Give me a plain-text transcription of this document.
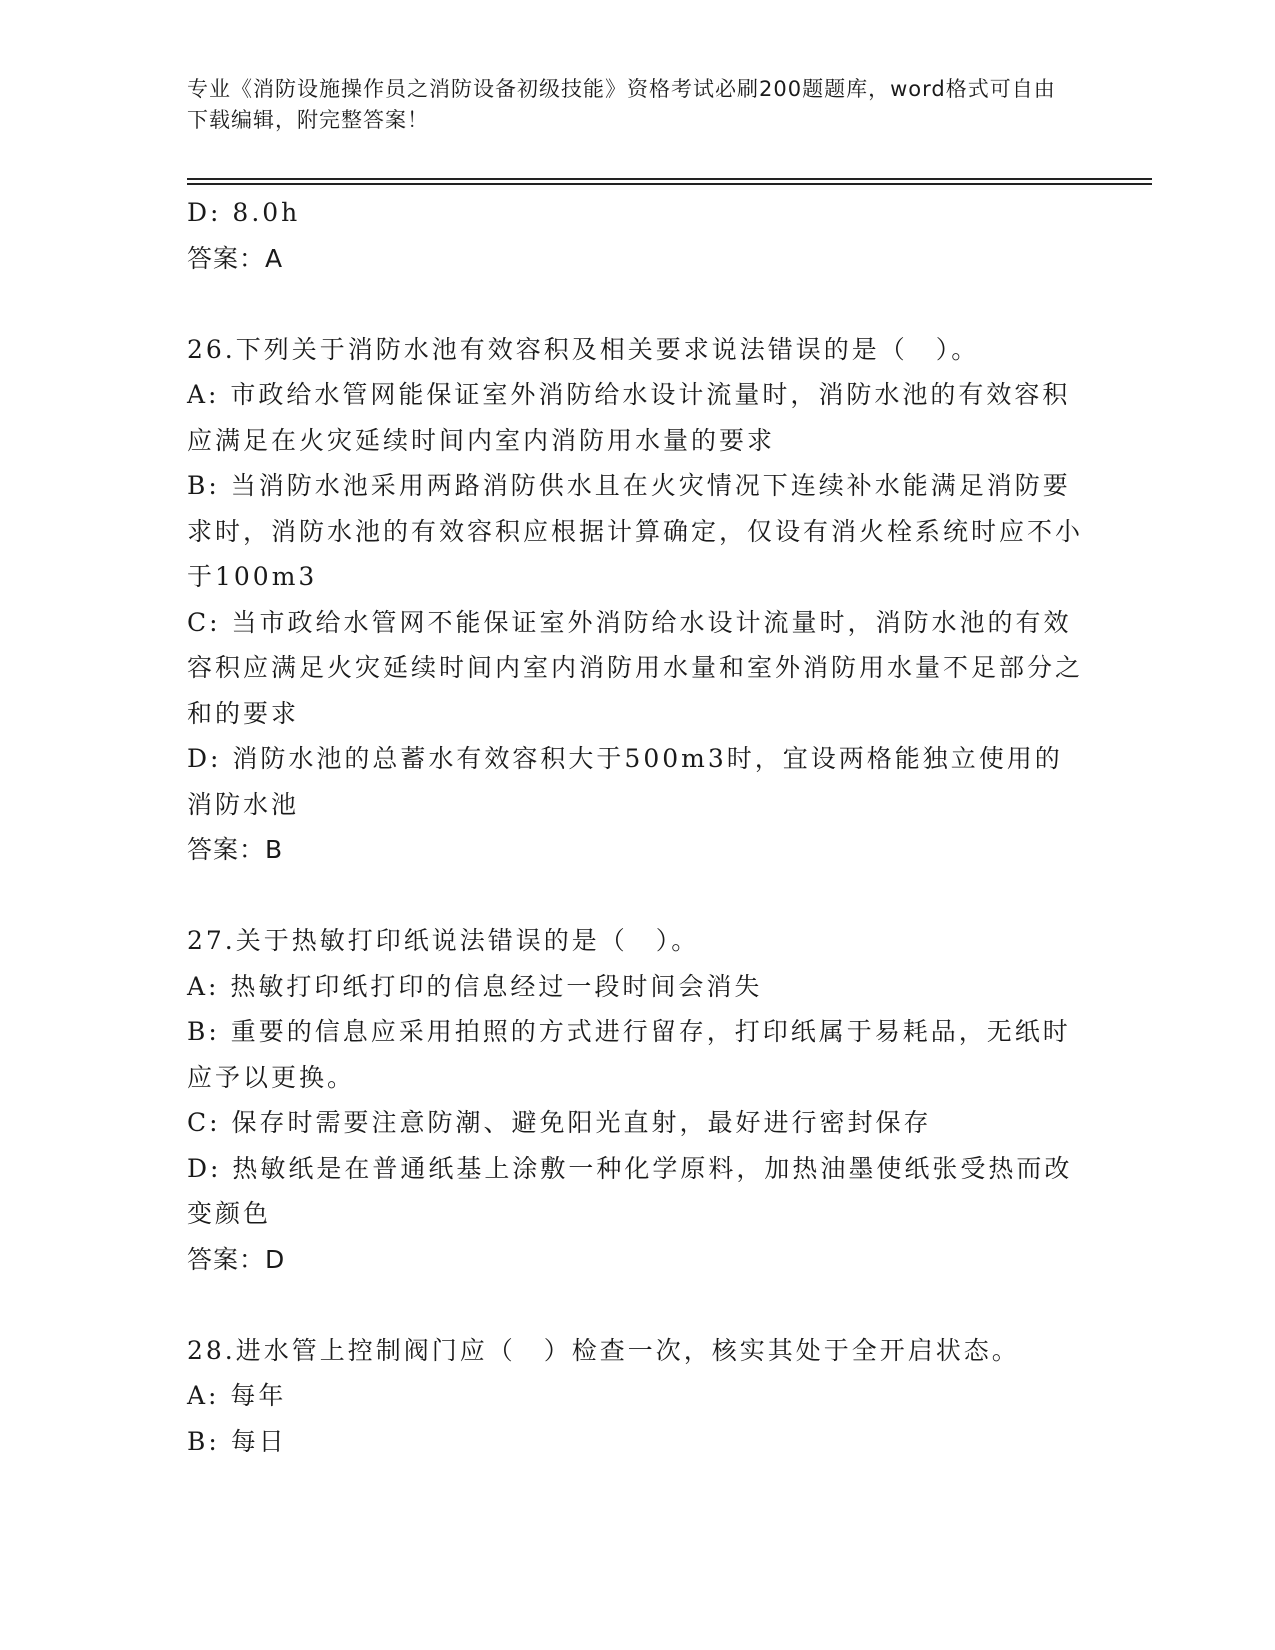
专业《消防设施操作员之消防设备初级技能》资格考试必刷200题题库，word格式可自由下载编辑，附完整答案！
D: 8.0h
答案：A
26.下列关于消防水池有效容积及相关要求说法错误的是（　）。
A: 市政给水管网能保证室外消防给水设计流量时，消防水池的有效容积应满足在火灾延续时间内室内消防用水量的要求
B: 当消防水池采用两路消防供水且在火灾情况下连续补水能满足消防要求时，消防水池的有效容积应根据计算确定，仅设有消火栓系统时应不小于100m3
C: 当市政给水管网不能保证室外消防给水设计流量时，消防水池的有效容积应满足火灾延续时间内室内消防用水量和室外消防用水量不足部分之和的要求
D: 消防水池的总蓄水有效容积大于500m3时，宜设两格能独立使用的消防水池
答案：B
27.关于热敏打印纸说法错误的是（　）。
A: 热敏打印纸打印的信息经过一段时间会消失
B: 重要的信息应采用拍照的方式进行留存，打印纸属于易耗品，无纸时应予以更换。
C: 保存时需要注意防潮、避免阳光直射，最好进行密封保存
D: 热敏纸是在普通纸基上涂敷一种化学原料，加热油墨使纸张受热而改变颜色
答案：D
28.进水管上控制阀门应（　）检查一次，核实其处于全开启状态。
A: 每年
B: 每日
